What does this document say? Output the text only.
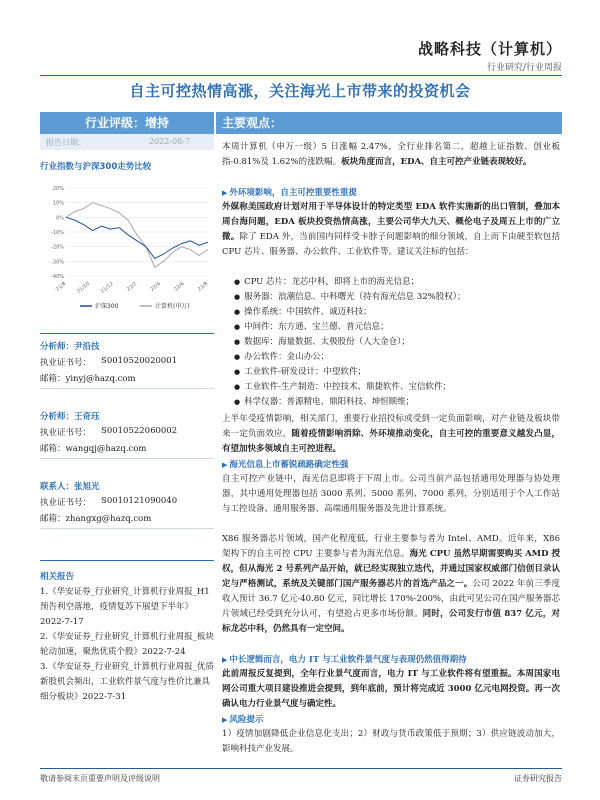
战略科技（计算机）
行业研究/行业周报
自主可控热情高涨，关注海光上市带来的投资机会
行业评级：增持
报告日期：	2022-08-7
行业指数与沪深300走势比较
20%
10%
0%
-10%
-20%
-30%
-40%
21/8 21/10 21/12 22/2 22/4 22/6 22/8
沪深300	计算机(申万)
分析师：尹沿技
执业证书号： S0010520020001
邮箱：yinyj@hazq.com
分析师：王奇珏
执业证书号： S0010522060002
邮箱：wangqj@hazq.com
联系人：张旭光
执业证书号： S0010121090040
邮箱：zhangxg@hazq.com
相关报告
1.《华安证券_行业研究_计算机行业周报_H1 预告利空落地，疫情复苏下展望下半年》2022-7-17
2.《华安证券_行业研究_计算机行业周报_板块轮动加速，聚焦优质个股》2022-7-24
3.《华安证券_行业研究_计算机行业周报_优质新股机会频出，工业软件景气度与性价比兼具细分板块》2022-7-31
主要观点：
本周计算机（申万一级）5 日涨幅 2.47%，全行业排名第二，超越上证指数、创业板指-0.81%及 1.62%的涨跌幅。板块角度而言，EDA、自主可控产业链表现较好。
▶ 外环境影响，自主可控重要性重提
外媒称美国政府计划对用于半导体设计的特定类型 EDA 软件实施新的出口管制，叠加本周台海问题，EDA 板块投资热情高涨，主要公司华大九天、概伦电子及周五上市的广立微。除了 EDA 外，当前国内同样受卡脖子问题影响的细分领域，自上而下由硬至软包括 CPU 芯片、服务器、办公软件、工业软件等。建议关注标的包括：
● CPU 芯片：龙芯中科，即将上市的海光信息；
● 服务器：浪潮信息、中科曙光（持有海光信息 32%股权）；
● 操作系统：中国软件、诚迈科技；
● 中间件：东方通、宝兰德、普元信息；
● 数据库：海量数据、太极股份（人大金仓）；
● 办公软件：金山办公；
● 工业软件-研发设计：中望软件；
● 工业软件-生产制造：中控技术、鼎捷软件、宝信软件；
● 科学仪器：普源精电、鼎阳科技、坤恒顺维；
上半年受疫情影响，相关部门，重要行业招投标或受到一定负面影响，对产业链及板块带来一定负面效应，随着疫情影响消除、外环境推动变化，自主可控的重要意义越发凸显，有望加快多领域自主可控进程。
▶ 海光信息上市蓄锐疏路确定性强
自主可控产业链中，海光信息即将于下周上市。公司当前产品包括通用处理器与协处理器，其中通用处理器包括 3000 系列、5000 系列、7000 系列，分别适用于个人工作站与工控设备、通用服务器、高端通用服务器及先进计算系统。
X86 服务器芯片领域，国产化程度低，行业主要参与者为 Intel、AMD。近年来，X86 架构下的自主可控 CPU 主要参与者为海光信息。海光 CPU 虽然早期需要购买 AMD 授权，但从海光 2 号系列产品开始，就已经实现独立迭代，并通过国家权威部门信创目录认定与严格测试，系统及关键部门国产服务器芯片的首选产品之一。公司 2022 年前三季度收入预计 36.7 亿元-40.80 亿元，同比增长 170%-200%，由此可见公司在国产服务器芯片领域已经受到充分认可，有望抢占更多市场份额。同时，公司发行市值 837 亿元，对标龙芯中科，仍然具有一定空间。
▶ 中长逻辑而言，电力 IT 与工业软件景气度与表现仍然值得期待
此前周报反复提到，全年行业景气度而言，电力 IT 与工业软件将有望重振。本周国家电网公司重大项目建设推进会提到，到年底前，预计将完成近 3000 亿元电网投资。再一次确认电力行业景气度与确定性。
▶ 风险提示
1）疫情加剧降低企业信息化支出；2）财政与货币政策低于预期；3）供应链波动加大，影响科技产业发展。
敬请参阅末页重要声明及评级说明	证券研究报告
